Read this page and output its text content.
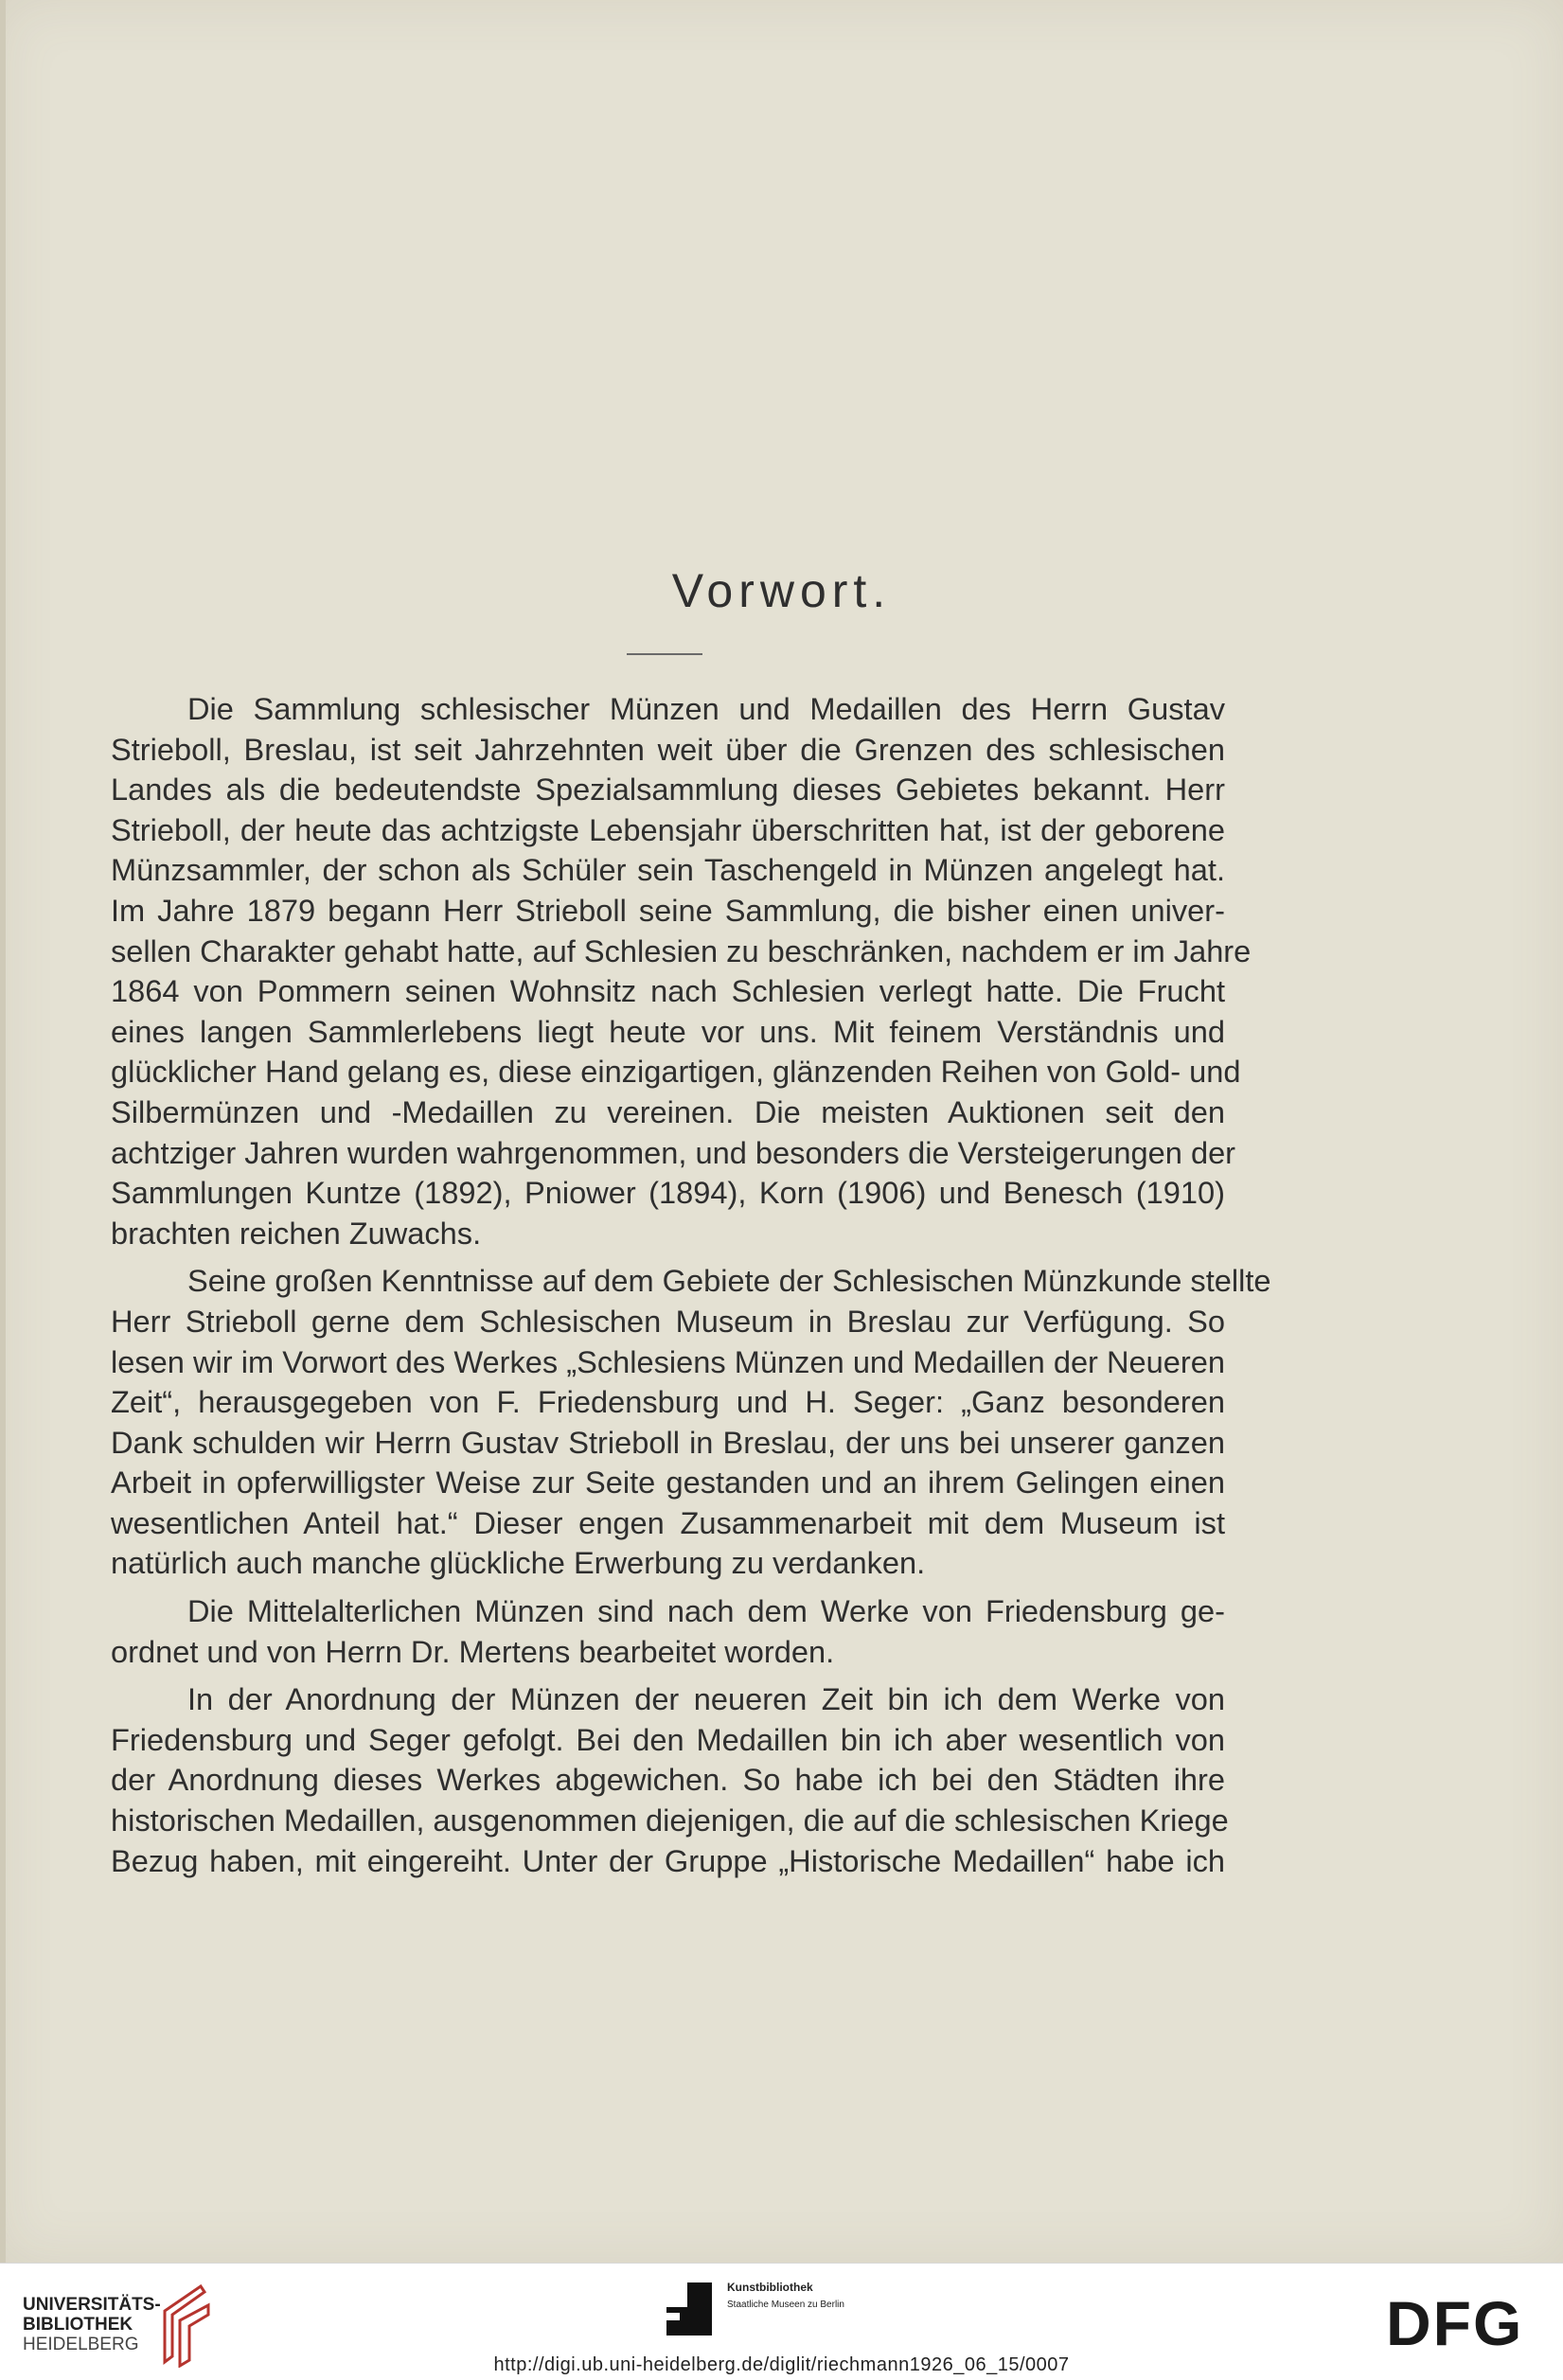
Vorwort.
Die Sammlung schlesischer Münzen und Medaillen des Herrn Gustav
Strieboll, Breslau, ist seit Jahrzehnten weit über die Grenzen des schlesischen
Landes als die bedeutendste Spezialsammlung dieses Gebietes bekannt. Herr
Strieboll, der heute das achtzigste Lebensjahr überschritten hat, ist der geborene
Münzsammler, der schon als Schüler sein Taschengeld in Münzen angelegt hat.
Im Jahre 1879 begann Herr Strieboll seine Sammlung, die bisher einen univer-
sellen Charakter gehabt hatte, auf Schlesien zu beschränken, nachdem er im Jahre
1864 von Pommern seinen Wohnsitz nach Schlesien verlegt hatte. Die Frucht
eines langen Sammlerlebens liegt heute vor uns. Mit feinem Verständnis und
glücklicher Hand gelang es, diese einzigartigen, glänzenden Reihen von Gold- und
Silbermünzen und -Medaillen zu vereinen. Die meisten Auktionen seit den
achtziger Jahren wurden wahrgenommen, und besonders die Versteigerungen der
Sammlungen Kuntze (1892), Pniower (1894), Korn (1906) und Benesch (1910)
brachten reichen Zuwachs.
Seine großen Kenntnisse auf dem Gebiete der Schlesischen Münzkunde stellte
Herr Strieboll gerne dem Schlesischen Museum in Breslau zur Verfügung. So
lesen wir im Vorwort des Werkes „Schlesiens Münzen und Medaillen der Neueren
Zeit“, herausgegeben von F. Friedensburg und H. Seger: „Ganz besonderen
Dank schulden wir Herrn Gustav Strieboll in Breslau, der uns bei unserer ganzen
Arbeit in opferwilligster Weise zur Seite gestanden und an ihrem Gelingen einen
wesentlichen Anteil hat.“ Dieser engen Zusammenarbeit mit dem Museum ist
natürlich auch manche glückliche Erwerbung zu verdanken.
Die Mittelalterlichen Münzen sind nach dem Werke von Friedensburg ge-
ordnet und von Herrn Dr. Mertens bearbeitet worden.
In der Anordnung der Münzen der neueren Zeit bin ich dem Werke von
Friedensburg und Seger gefolgt. Bei den Medaillen bin ich aber wesentlich von
der Anordnung dieses Werkes abgewichen. So habe ich bei den Städten ihre
historischen Medaillen, ausgenommen diejenigen, die auf die schlesischen Kriege
Bezug haben, mit eingereiht. Unter der Gruppe „Historische Medaillen“ habe ich
UNIVERSITÄTS-
BIBLIOTHEK
HEIDELBERG
Kunstbibliothek
Staatliche Museen zu Berlin	DFG
http://digi.ub.uni-heidelberg.de/diglit/riechmann1926_06_15/0007
